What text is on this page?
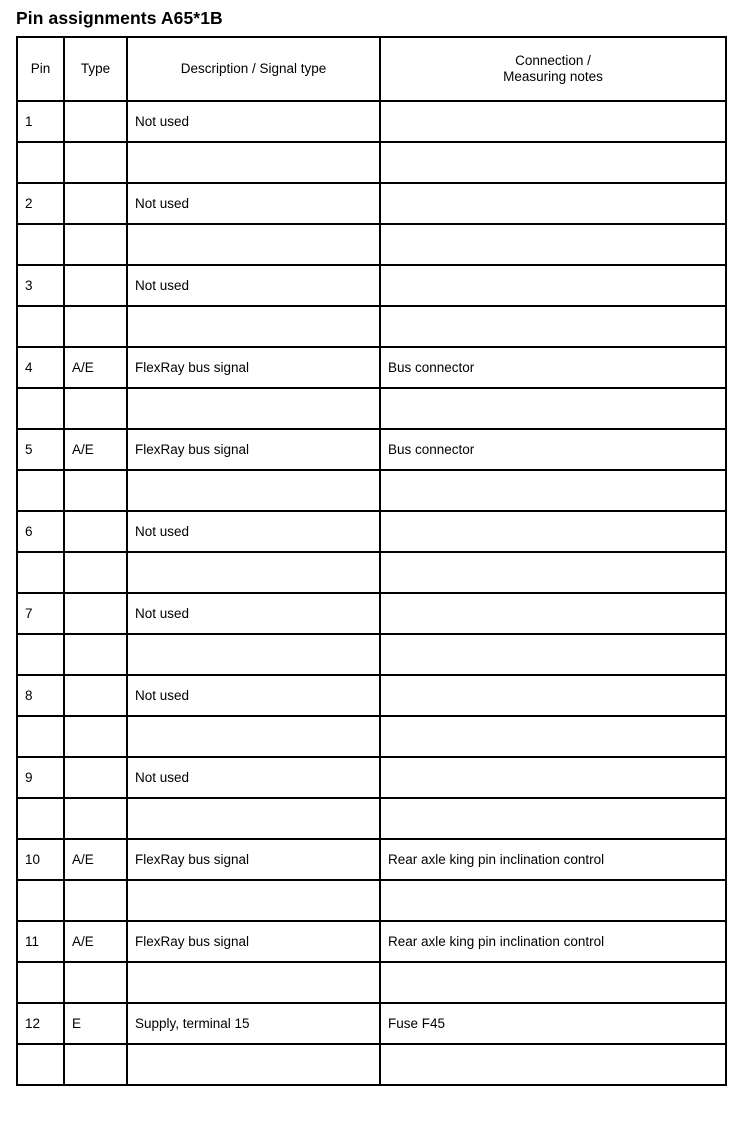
Pin assignments A65*1B
Pin	Type	Description / Signal type	Connection /
Measuring notes

1		Not used	

2		Not used	

3		Not used	

4	A/E	FlexRay bus signal	Bus connector

5	A/E	FlexRay bus signal	Bus connector

6		Not used	

7		Not used	

8		Not used	

9		Not used	

10	A/E	FlexRay bus signal	Rear axle king pin inclination control

11	A/E	FlexRay bus signal	Rear axle king pin inclination control

12	E	Supply, terminal 15	Fuse F45
